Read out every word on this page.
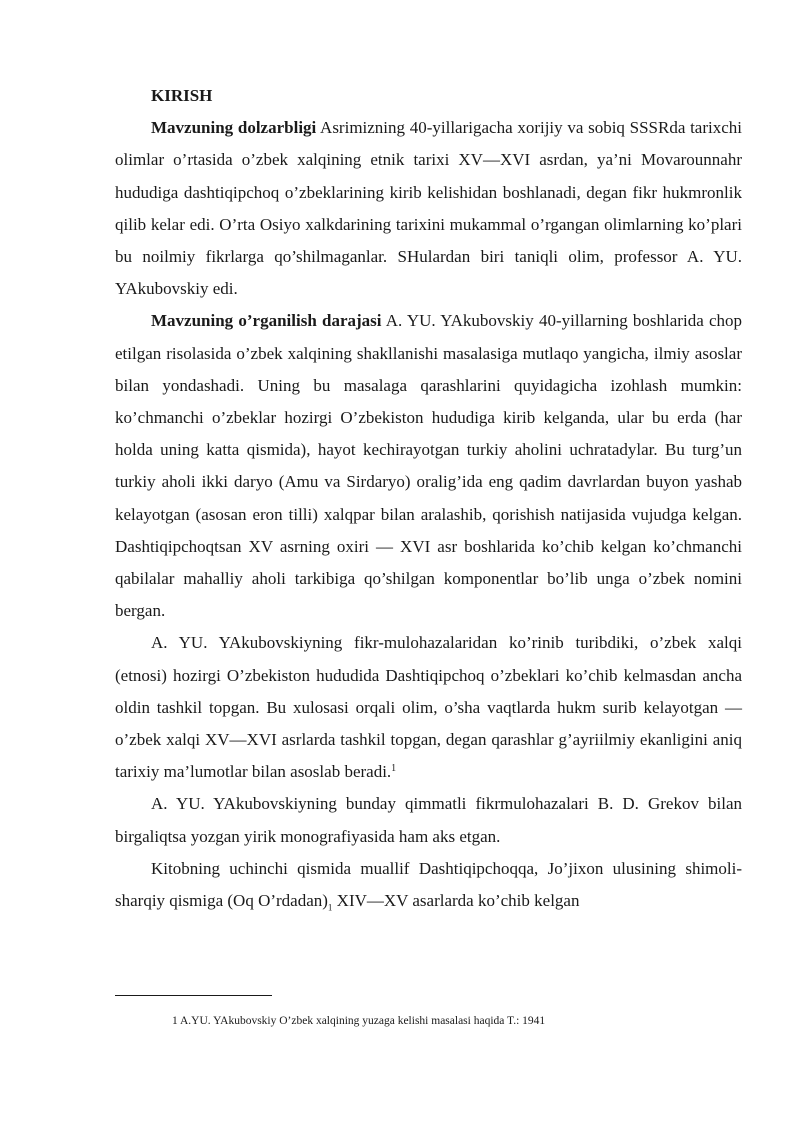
KIRISH

Mavzuning dolzarbligi Asrimizning 40-yillarigacha xorijiy va sobiq SSSRda tarixchi olimlar o’rtasida o’zbek xalqining etnik tarixi XV—XVI asrdan, ya’ni Movarounnahr hududiga dashtiqipchoq o’zbeklarining kirib kelishidan boshlanadi, degan fikr hukmronlik qilib kelar edi. O’rta Osiyo xalkdarining tarixini mukammal o’rgangan olimlarning ko’plari bu noilmiy fikrlarga qo’shilmaganlar. SHulardan biri taniqli olim, professor A. YU. YAkubovskiy edi.

Mavzuning o’rganilish darajasi A. YU. YAkubovskiy 40-yillarning boshlarida chop etilgan risolasida o’zbek xalqining shakllanishi masalasiga mutlaqo yangicha, ilmiy asoslar bilan yondashadi. Uning bu masalaga qarashlarini quyidagicha izohlash mumkin: ko’chmanchi o’zbeklar hozirgi O’zbekiston hududiga kirib kelganda, ular bu erda (har holda uning katta qismida), hayot kechirayotgan turkiy aholini uchratadylar. Bu turg’un turkiy aholi ikki daryo (Amu va Sirdaryo) oralig’ida eng qadim davrlardan buyon yashab kelayotgan (asosan eron tilli) xalqpar bilan aralashib, qorishish natijasida vujudga kelgan. Dashtiqipchoqtsan XV asrning oxiri — XVI asr boshlarida ko’chib kelgan ko’chmanchi qabilalar mahalliy aholi tarkibiga qo’shilgan komponentlar bo’lib unga o’zbek nomini bergan.

A. YU. YAkubovskiyning fikr-mulohazalaridan ko’rinib turibdiki, o’zbek xalqi (etnosi) hozirgi O’zbekiston hududida Dashtiqipchoq o’zbeklari ko’chib kelmasdan ancha oldin tashkil topgan. Bu xulosasi orqali olim, o’sha vaqtlarda hukm surib kelayotgan — o’zbek xalqi XV—XVI asrlarda tashkil topgan, degan qarashlar g’ayriilmiy ekanligini aniq tarixiy ma’lumotlar bilan asoslab beradi.$^1$

A. YU. YAkubovskiyning bunday qimmatli fikrmulohazalari B. D. Grekov bilan birgaliqtsa yozgan yirik monografiyasida ham aks etgan.

Kitobning uchinchi qismida muallif Dashtiqipchoqqa, Jo’jixon ulusining shimoli-sharqiy qismiga (Oq $O’rdadan)_1$ XIV—XV asarlarda ko’chib kelgan

1 A.YU. YAkubovskiy O’zbek xalqining yuzaga kelishi masalasi haqida T.: 1941
